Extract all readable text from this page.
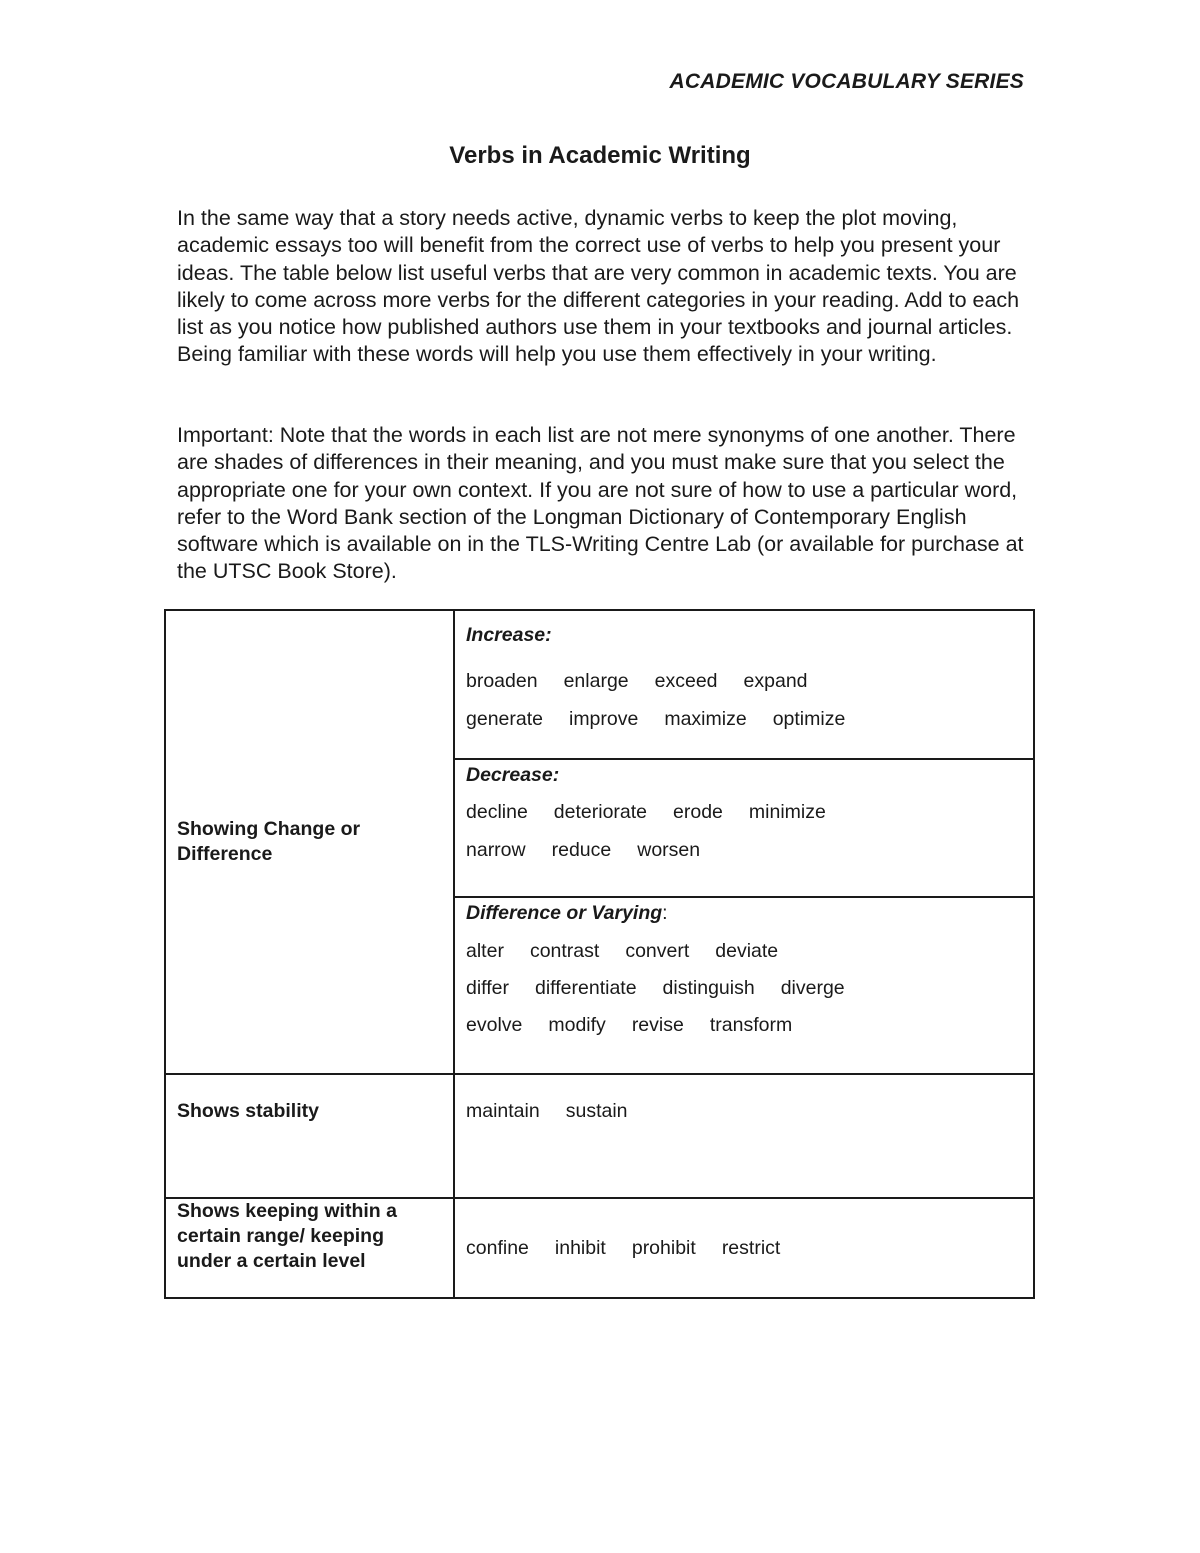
ACADEMIC VOCABULARY SERIES
Verbs in Academic Writing

In the same way that a story needs active, dynamic verbs to keep the plot moving, academic essays too will benefit from the correct use of verbs to help you present your ideas. The table below list useful verbs that are very common in academic texts. You are likely to come across more verbs for the different categories in your reading. Add to each list as you notice how published authors use them in your textbooks and journal articles. Being familiar with these words will help you use them effectively in your writing.

Important: Note that the words in each list are not mere synonyms of one another. There are shades of differences in their meaning, and you must make sure that you select the appropriate one for your own context. If you are not sure of how to use a particular word, refer to the Word Bank section of the Longman Dictionary of Contemporary English software which is available on in the TLS-Writing Centre Lab (or available for purchase at the UTSC Book Store).

Showing Change or Difference	Increase:
broaden enlarge exceed expand
generate improve maximize optimize

	Decrease:
decline deteriorate erode minimize
narrow reduce worsen

	Difference or Varying:
alter contrast convert deviate
differ differentiate distinguish diverge
evolve modify revise transform

Shows stability	maintain sustain

Shows keeping within a certain range/ keeping under a certain level	confine inhibit prohibit restrict
